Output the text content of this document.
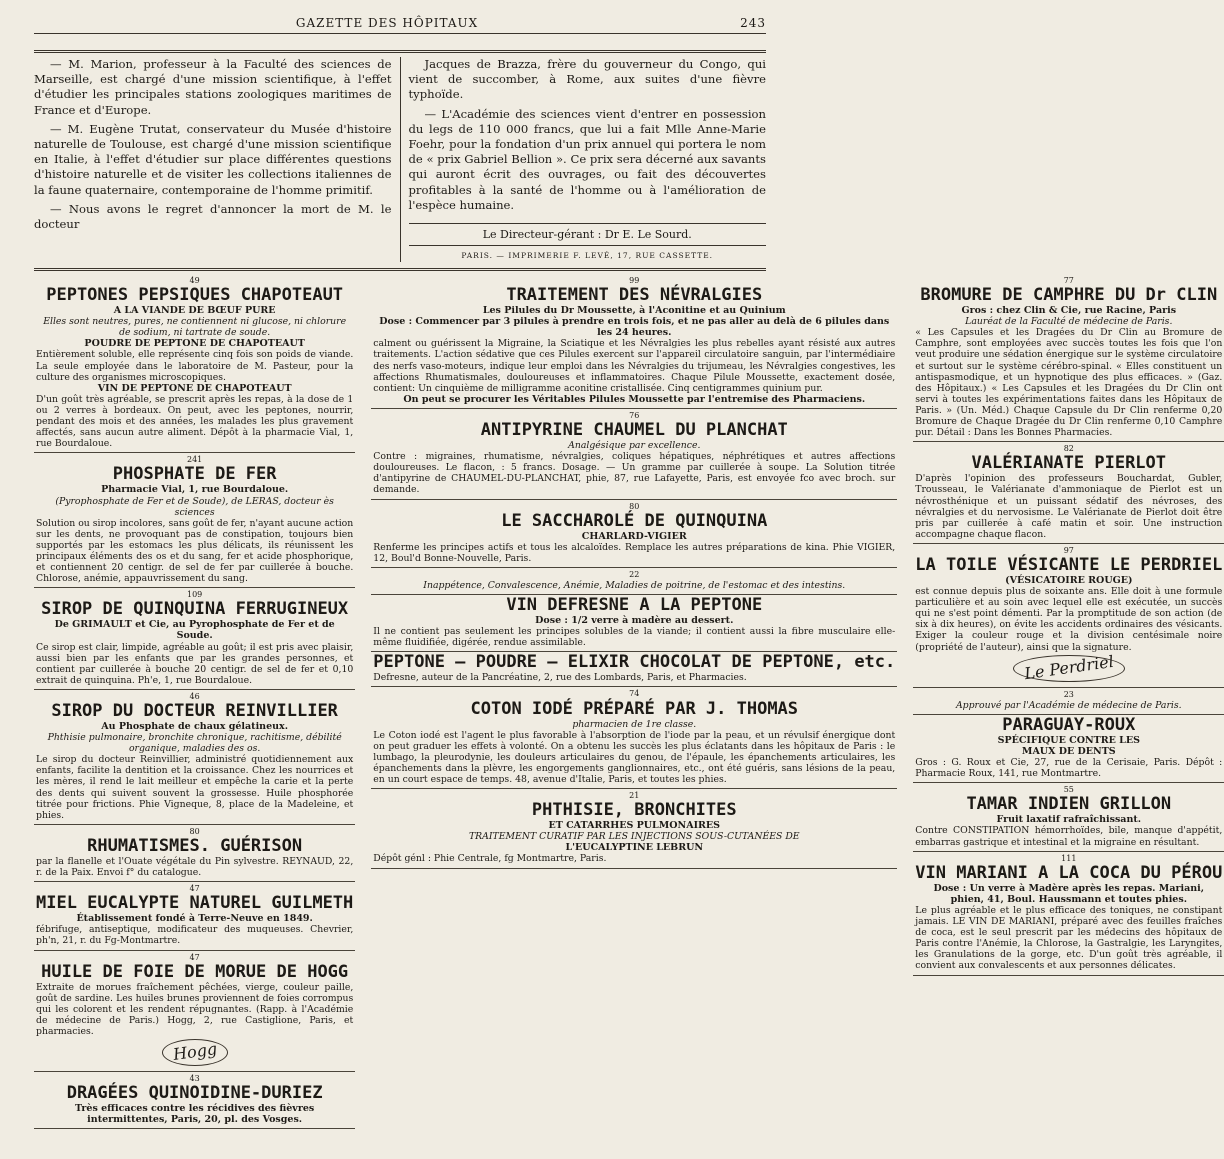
GAZETTE DES HÔPITAUX	243

— M. Marion, professeur à la Faculté des sciences de Marseille, est chargé d'une mission scientifique, à l'effet d'étudier les principales stations zoologiques maritimes de France et d'Europe.

— M. Eugène Trutat, conservateur du Musée d'histoire naturelle de Toulouse, est chargé d'une mission scientifique en Italie, à l'effet d'étudier sur place différentes questions d'histoire naturelle et de visiter les collections italiennes de la faune quaternaire, contemporaine de l'homme primitif.

— Nous avons le regret d'annoncer la mort de M. le docteur

Jacques de Brazza, frère du gouverneur du Congo, qui vient de succomber, à Rome, aux suites d'une fièvre typhoïde.

— L'Académie des sciences vient d'entrer en possession du legs de 110 000 francs, que lui a fait Mlle Anne-Marie Foehr, pour la fondation d'un prix annuel qui portera le nom de « prix Gabriel Bellion ». Ce prix sera décerné aux savants qui auront écrit des ouvrages, ou fait des découvertes profitables à la santé de l'homme ou à l'amélioration de l'espèce humaine.

Le Directeur-gérant : Dr E. Le Sourd.
PARIS. — IMPRIMERIE F. LEVÉ, 17, RUE CASSETTE.
49
PEPTONES PEPSIQUES CHAPOTEAUT
A LA VIANDE DE BŒUF PURE
Elles sont neutres, pures, ne contiennent ni glucose, ni chlorure de sodium, ni tartrate de soude.
POUDRE DE PEPTONE DE CHAPOTEAUT
Entièrement soluble, elle représente cinq fois son poids de viande. La seule employée dans le laboratoire de M. Pasteur, pour la culture des organismes microscopiques.
VIN DE PEPTONE DE CHAPOTEAUT
D'un goût très agréable, se prescrit après les repas, à la dose de 1 ou 2 verres à bordeaux. On peut, avec les peptones, nourrir, pendant des mois et des années, les malades les plus gravement affectés, sans aucun autre aliment. Dépôt à la pharmacie Vial, 1, rue Bourdaloue.
241
PHOSPHATE DE FER
Pharmacie Vial, 1, rue Bourdaloue.
(Pyrophosphate de Fer et de Soude), de LERAS, docteur ès sciences
Solution ou sirop incolores, sans goût de fer, n'ayant aucune action sur les dents, ne provoquant pas de constipation, toujours bien supportés par les estomacs les plus délicats, ils réunissent les principaux éléments des os et du sang, fer et acide phosphorique, et contiennent 20 centigr. de sel de fer par cuillerée à bouche. Chlorose, anémie, appauvrissement du sang.
109
SIROP DE QUINQUINA FERRUGINEUX
De GRIMAULT et Cie, au Pyrophosphate de Fer et de Soude.
Ce sirop est clair, limpide, agréable au goût; il est pris avec plaisir, aussi bien par les enfants que par les grandes personnes, et contient par cuillerée à bouche 20 centigr. de sel de fer et 0,10 extrait de quinquina. Ph'e, 1, rue Bourdaloue.
46
SIROP DU DOCTEUR REINVILLIER
Au Phosphate de chaux gélatineux.
Phthisie pulmonaire, bronchite chronique, rachitisme, débilité organique, maladies des os.
Le sirop du docteur Reinvillier, administré quotidiennement aux enfants, facilite la dentition et la croissance. Chez les nourrices et les mères, il rend le lait meilleur et empêche la carie et la perte des dents qui suivent souvent la grossesse. Huile phosphorée titrée pour frictions. Phie Vigneque, 8, place de la Madeleine, et phies.
80
RHUMATISMES. GUÉRISON
par la flanelle et l'Ouate végétale du Pin sylvestre. REYNAUD, 22, r. de la Paix. Envoi f° du catalogue.
47
MIEL EUCALYPTE NATUREL GUILMETH
Établissement fondé à Terre-Neuve en 1849.
fébrifuge, antiseptique, modificateur des muqueuses. Chevrier, ph'n, 21, r. du Fg-Montmartre.
47
HUILE DE FOIE DE MORUE DE HOGG
Extraite de morues fraîchement pêchées, vierge, couleur paille, goût de sardine. Les huiles brunes proviennent de foies corrompus qui les colorent et les rendent répugnantes. (Rapp. à l'Académie de médecine de Paris.) Hogg, 2, rue Castiglione, Paris, et pharmacies.
Hogg
43
DRAGÉES QUINOIDINE-DURIEZ
Très efficaces contre les récidives des fièvres intermittentes, Paris, 20, pl. des Vosges.
99
TRAITEMENT DES NÉVRALGIES
Les Pilules du Dr Moussette, à l'Aconitine et au Quinium
Dose : Commencer par 3 pilules à prendre en trois fois, et ne pas aller au delà de 6 pilules dans les 24 heures.
calment ou guérissent la Migraine, la Sciatique et les Névralgies les plus rebelles ayant résisté aux autres traitements. L'action sédative que ces Pilules exercent sur l'appareil circulatoire sanguin, par l'intermédiaire des nerfs vaso-moteurs, indique leur emploi dans les Névralgies du trijumeau, les Névralgies congestives, les affections Rhumatismales, douloureuses et inflammatoires. Chaque Pilule Moussette, exactement dosée, contient: Un cinquième de milligramme aconitine cristallisée. Cinq centigrammes quinium pur.
On peut se procurer les Véritables Pilules Moussette par l'entremise des Pharmaciens.
76
ANTIPYRINE CHAUMEL DU PLANCHAT
Analgésique par excellence.
Contre : migraines, rhumatisme, névralgies, coliques hépatiques, néphrétiques et autres affections douloureuses. Le flacon, : 5 francs. Dosage. — Un gramme par cuillerée à soupe. La Solution titrée d'antipyrine de CHAUMEL-DU-PLANCHAT, phie, 87, rue Lafayette, Paris, est envoyée fco avec broch. sur demande.
80
LE SACCHAROLÉ DE QUINQUINA
CHARLARD-VIGIER
Renferme les principes actifs et tous les alcaloïdes. Remplace les autres préparations de kina. Phie VIGIER, 12, Boul'd Bonne-Nouvelle, Paris.
22
Inappétence, Convalescence, Anémie, Maladies de poitrine, de l'estomac et des intestins.
VIN DEFRESNE A LA PEPTONE
Dose : 1/2 verre à madère au dessert.
Il ne contient pas seulement les principes solubles de la viande; il contient aussi la fibre musculaire elle-même fluidifiée, digérée, rendue assimilable.
PEPTONE — POUDRE — ELIXIR CHOCOLAT DE PEPTONE, etc.
Defresne, auteur de la Pancréatine, 2, rue des Lombards, Paris, et Pharmacies.
74
COTON IODÉ PRÉPARÉ PAR J. THOMAS
pharmacien de 1re classe.
Le Coton iodé est l'agent le plus favorable à l'absorption de l'iode par la peau, et un révulsif énergique dont on peut graduer les effets à volonté. On a obtenu les succès les plus éclatants dans les hôpitaux de Paris : le lumbago, la pleurodynie, les douleurs articulaires du genou, de l'épaule, les épanchements articulaires, les épanchements dans la plèvre, les engorgements ganglionnaires, etc., ont été guéris, sans lésions de la peau, en un court espace de temps. 48, avenue d'Italie, Paris, et toutes les phies.
21
PHTHISIE, BRONCHITES
ET CATARRHES PULMONAIRES
TRAITEMENT CURATIF PAR LES INJECTIONS SOUS-CUTANÉES DE
L'EUCALYPTINE LEBRUN
Dépôt génl : Phie Centrale, fg Montmartre, Paris.
77
BROMURE DE CAMPHRE DU Dr CLIN
Gros : chez Clin & Cie, rue Racine, Paris
Lauréat de la Faculté de médecine de Paris.
« Les Capsules et les Dragées du Dr Clin au Bromure de Camphre, sont employées avec succès toutes les fois que l'on veut produire une sédation énergique sur le système circulatoire et surtout sur le système cérébro-spinal. « Elles constituent un antispasmodique, et un hypnotique des plus efficaces. » (Gaz. des Hôpitaux.) « Les Capsules et les Dragées du Dr Clin ont servi à toutes les expérimentations faites dans les Hôpitaux de Paris. » (Un. Méd.) Chaque Capsule du Dr Clin renferme 0,20 Bromure de Chaque Dragée du Dr Clin renferme 0,10 Camphre pur. Détail : Dans les Bonnes Pharmacies.
82
VALÉRIANATE PIERLOT
D'après l'opinion des professeurs Bouchardat, Gubler, Trousseau, le Valérianate d'ammoniaque de Pierlot est un névrosthénique et un puissant sédatif des névroses, des névralgies et du nervosisme. Le Valérianate de Pierlot doit être pris par cuillerée à café matin et soir. Une instruction accompagne chaque flacon.
97
LA TOILE VÉSICANTE LE PERDRIEL
(VÉSICATOIRE ROUGE)
est connue depuis plus de soixante ans. Elle doit à une formule particulière et au soin avec lequel elle est exécutée, un succès qui ne s'est point démenti. Par la promptitude de son action (de six à dix heures), on évite les accidents ordinaires des vésicants. Exiger la couleur rouge et la division centésimale noire (propriété de l'auteur), ainsi que la signature.
Le Perdriel
23
Approuvé par l'Académie de médecine de Paris.
PARAGUAY-ROUX
SPÉCIFIQUE CONTRE LES
MAUX DE DENTS
Gros : G. Roux et Cie, 27, rue de la Cerisaie, Paris. Dépôt : Pharmacie Roux, 141, rue Montmartre.
55
TAMAR INDIEN GRILLON
Fruit laxatif rafraîchissant.
Contre CONSTIPATION hémorrhoïdes, bile, manque d'appétit, embarras gastrique et intestinal et la migraine en résultant.
111
VIN MARIANI A LA COCA DU PÉROU
Dose : Un verre à Madère après les repas. Mariani, phien, 41, Boul. Haussmann et toutes phies.
Le plus agréable et le plus efficace des toniques, ne constipant jamais. LE VIN DE MARIANI, préparé avec des feuilles fraîches de coca, est le seul prescrit par les médecins des hôpitaux de Paris contre l'Anémie, la Chlorose, la Gastralgie, les Laryngites, les Granulations de la gorge, etc. D'un goût très agréable, il convient aux convalescents et aux personnes délicates.
